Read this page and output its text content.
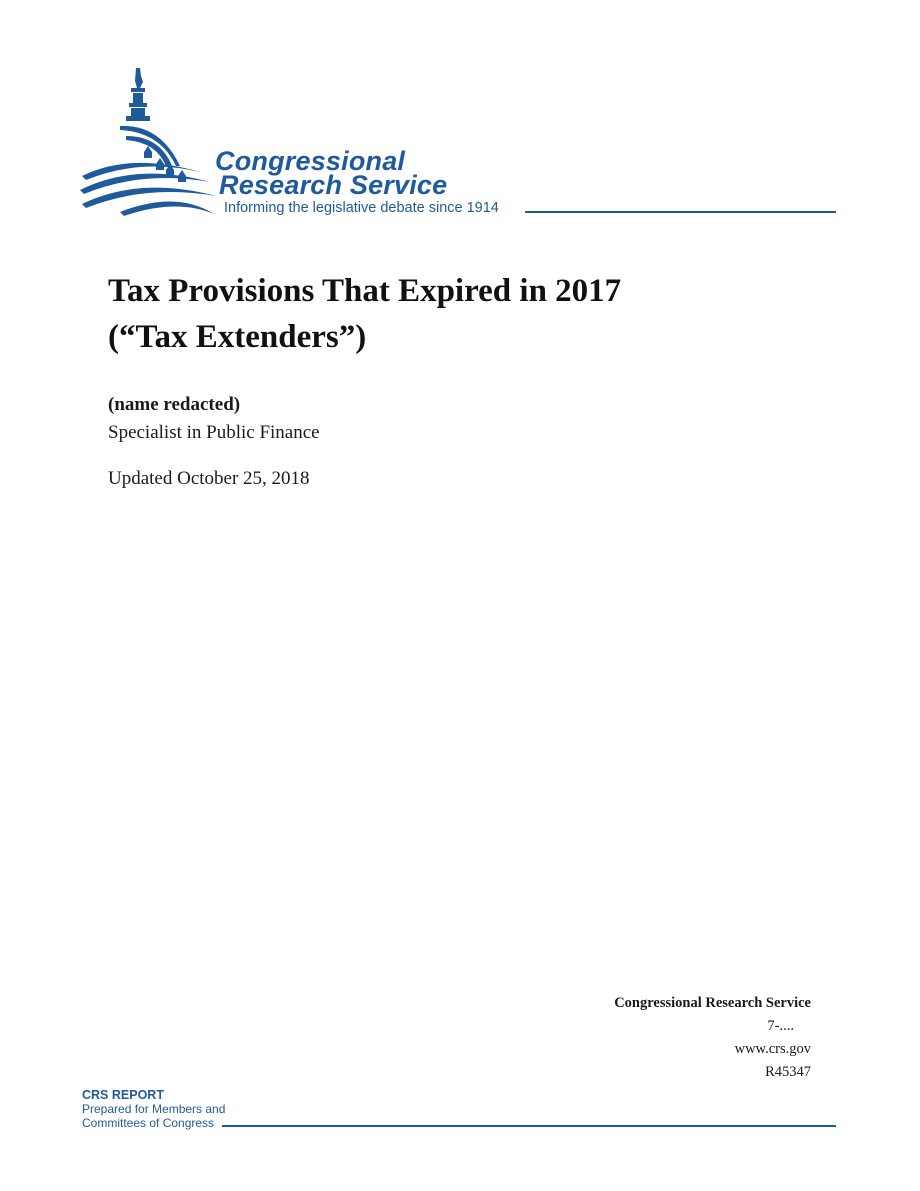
Congressional
Research Service
Informing the legislative debate since 1914
Tax Provisions That Expired in 2017
(“Tax Extenders”)
(name redacted)
Specialist in Public Finance
Updated October 25, 2018
Congressional Research Service
7-....
www.crs.gov
R45347
CRS REPORT
Prepared for Members and
Committees of Congress
